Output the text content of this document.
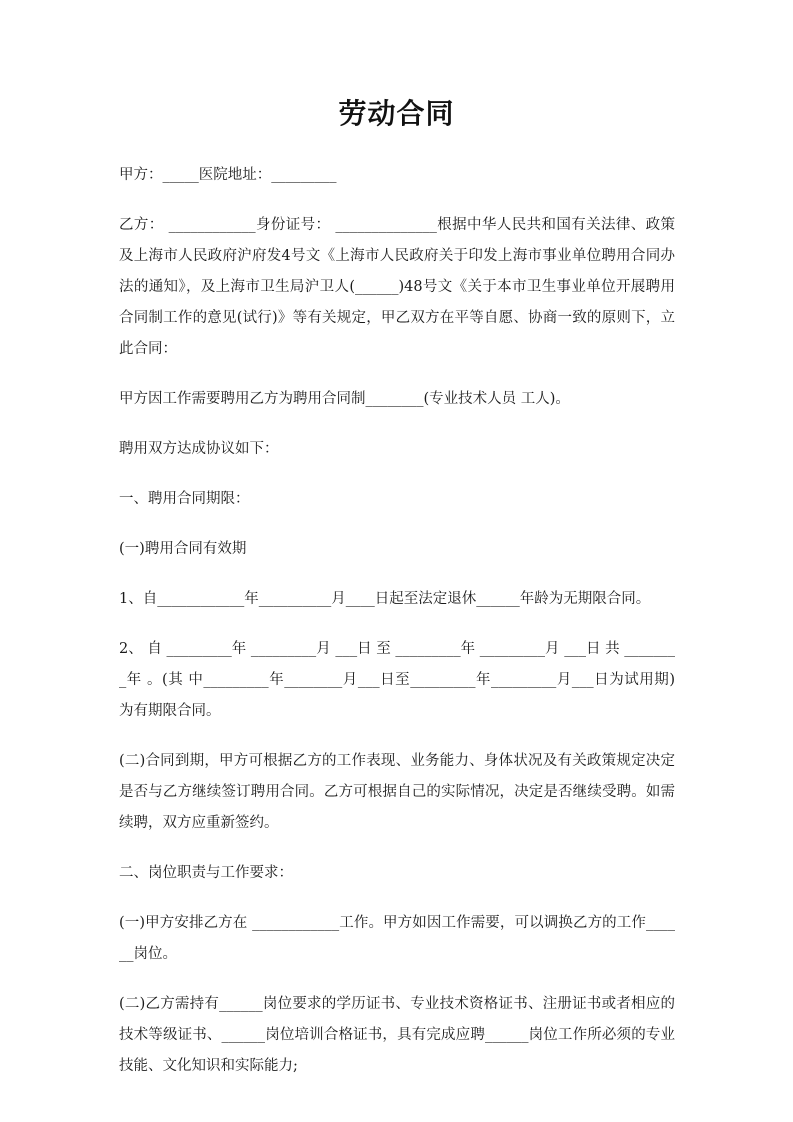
劳动合同

甲方：_____医院地址：_________

乙方： ____________身份证号： ______________根据中华人民共和国有关法律、政策及上海市人民政府沪府发4号文《上海市人民政府关于印发上海市事业单位聘用合同办法的通知》，及上海市卫生局沪卫人(______)48号文《关于本市卫生事业单位开展聘用合同制工作的意见(试行)》等有关规定，甲乙双方在平等自愿、协商一致的原则下，立此合同：

甲方因工作需要聘用乙方为聘用合同制________(专业技术人员 工人)。

聘用双方达成协议如下：

一、聘用合同期限：

(一)聘用合同有效期

1、自____________年__________月____日起至法定退休______年龄为无期限合同。

2、 自 _________年 _________月 ___日 至 _________年 _________月 ___日 共 ________年 。(其 中_________年________月___日至_________年_________月___日为试用期)为有期限合同。

(二)合同到期，甲方可根据乙方的工作表现、业务能力、身体状况及有关政策规定决定是否与乙方继续签订聘用合同。乙方可根据自己的实际情况，决定是否继续受聘。如需续聘，双方应重新签约。

二、岗位职责与工作要求：

(一)甲方安排乙方在 ____________工作。甲方如因工作需要，可以调换乙方的工作______岗位。

(二)乙方需持有______岗位要求的学历证书、专业技术资格证书、注册证书或者相应的技术等级证书、______岗位培训合格证书，具有完成应聘______岗位工作所必须的专业技能、文化知识和实际能力;
